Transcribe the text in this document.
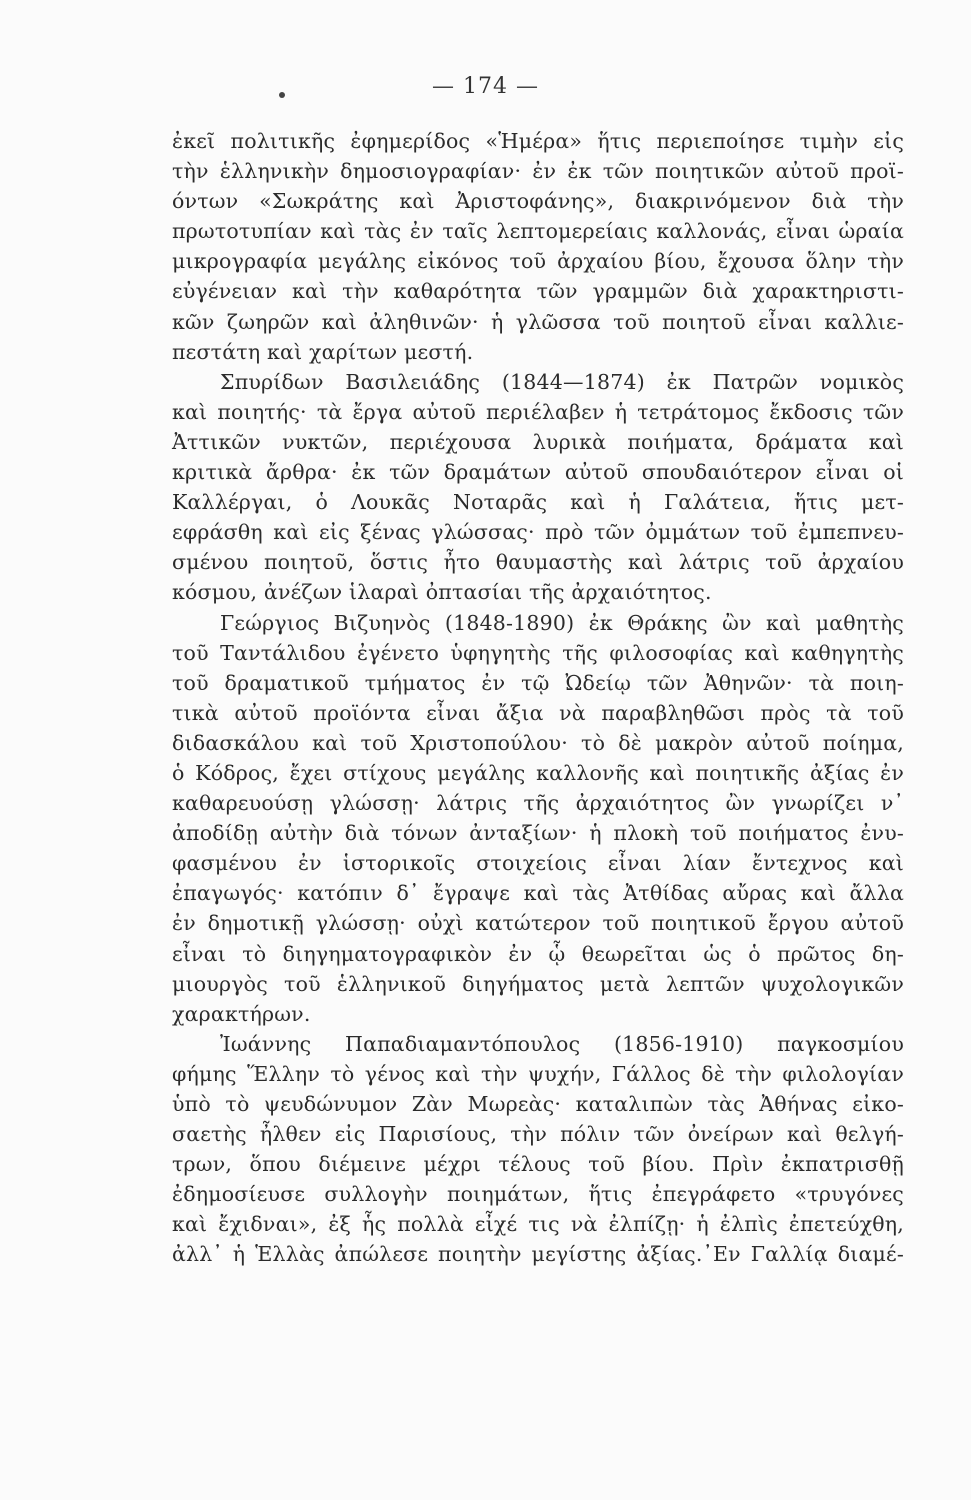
— 174 —
ἐκεῖ πολιτικῆς ἐφημερίδος «Ἡμέρα» ἥτις περιεποίησε τιμὴν εἰς
τὴν ἑλληνικὴν δημοσιογραφίαν· ἐν ἐκ τῶν ποιητικῶν αὐτοῦ προϊ-
όντων «Σωκράτης καὶ Ἀριστοφάνης», διακρινόμενον διὰ τὴν
πρωτοτυπίαν καὶ τὰς ἐν ταῖς λεπτομερείαις καλλονάς, εἶναι ὡραία
μικρογραφία μεγάλης εἰκόνος τοῦ ἀρχαίου βίου, ἔχουσα ὅλην τὴν
εὐγένειαν καὶ τὴν καθαρότητα τῶν γραμμῶν διὰ χαρακτηριστι-
κῶν ζωηρῶν καὶ ἀληθινῶν· ἡ γλῶσσα τοῦ ποιητοῦ εἶναι καλλιε-
πεστάτη καὶ χαρίτων μεστή.
Σπυρίδων Βασιλειάδης (1844—1874) ἐκ Πατρῶν νομικὸς
καὶ ποιητής· τὰ ἔργα αὐτοῦ περιέλαβεν ἡ τετράτομος ἔκδοσις τῶν
Ἀττικῶν νυκτῶν, περιέχουσα λυρικὰ ποιήματα, δράματα καὶ
κριτικὰ ἄρθρα· ἐκ τῶν δραμάτων αὐτοῦ σπουδαιότερον εἶναι οἱ
Καλλέργαι, ὁ Λουκᾶς Νοταρᾶς καὶ ἡ Γαλάτεια, ἥτις μετ-
εφράσθη καὶ εἰς ξένας γλώσσας· πρὸ τῶν ὀμμάτων τοῦ ἐμπεπνευ-
σμένου ποιητοῦ, ὅστις ἦτο θαυμαστὴς καὶ λάτρις τοῦ ἀρχαίου
κόσμου, ἀνέζων ἱλαραὶ ὀπτασίαι τῆς ἀρχαιότητος.
Γεώργιος Βιζυηνὸς (1848-1890) ἐκ Θράκης ὢν καὶ μαθητὴς
τοῦ Ταντάλιδου ἐγένετο ὑφηγητὴς τῆς φιλοσοφίας καὶ καθηγητὴς
τοῦ δραματικοῦ τμήματος ἐν τῷ Ὠδείῳ τῶν Ἀθηνῶν· τὰ ποιη-
τικὰ αὐτοῦ προϊόντα εἶναι ἄξια νὰ παραβληθῶσι πρὸς τὰ τοῦ
διδασκάλου καὶ τοῦ Χριστοπούλου· τὸ δὲ μακρὸν αὐτοῦ ποίημα,
ὁ Κόδρος, ἔχει στίχους μεγάλης καλλονῆς καὶ ποιητικῆς ἀξίας ἐν
καθαρευούσῃ γλώσσῃ· λάτρις τῆς ἀρχαιότητος ὢν γνωρίζει ν᾽
ἀποδίδῃ αὐτὴν διὰ τόνων ἀνταξίων· ἡ πλοκὴ τοῦ ποιήματος ἐνυ-
φασμένου ἐν ἱστορικοῖς στοιχείοις εἶναι λίαν ἔντεχνος καὶ
ἐπαγωγός· κατόπιν δ᾽ ἔγραψε καὶ τὰς Ἀτθίδας αὔρας καὶ ἄλλα
ἐν δημοτικῇ γλώσσῃ· οὐχὶ κατώτερον τοῦ ποιητικοῦ ἔργου αὐτοῦ
εἶναι τὸ διηγηματογραφικὸν ἐν ᾧ θεωρεῖται ὡς ὁ πρῶτος δη-
μιουργὸς τοῦ ἑλληνικοῦ διηγήματος μετὰ λεπτῶν ψυχολογικῶν
χαρακτήρων.
Ἰωάννης Παπαδιαμαντόπουλος (1856-1910) παγκοσμίου
φήμης Ἕλλην τὸ γένος καὶ τὴν ψυχήν, Γάλλος δὲ τὴν φιλολογίαν
ὑπὸ τὸ ψευδώνυμον Ζὰν Μωρεὰς· καταλιπὼν τὰς Ἀθήνας εἰκο-
σαετὴς ἦλθεν εἰς Παρισίους, τὴν πόλιν τῶν ὀνείρων καὶ θελγή-
τρων, ὅπου διέμεινε μέχρι τέλους τοῦ βίου. Πρὶν ἐκπατρισθῇ
ἐδημοσίευσε συλλογὴν ποιημάτων, ἥτις ἐπεγράφετο «τρυγόνες
καὶ ἔχιδναι», ἐξ ἧς πολλὰ εἶχέ τις νὰ ἐλπίζῃ· ἡ ἐλπὶς ἐπετεύχθη,
ἀλλ᾽ ἡ Ἑλλὰς ἀπώλεσε ποιητὴν μεγίστης ἀξίας.᾽Εν Γαλλίᾳ διαμέ-
